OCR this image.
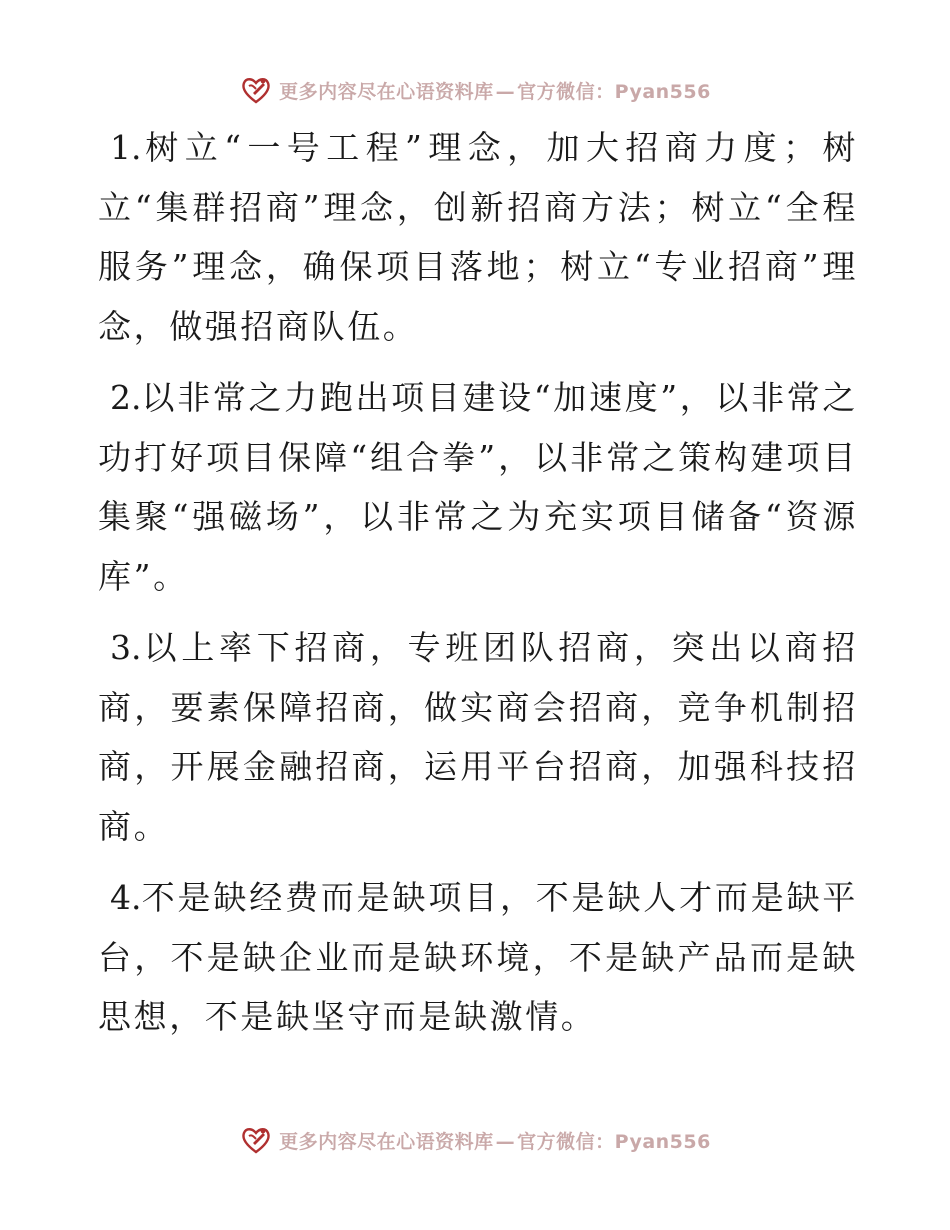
更多内容尽在心语资料库 — 官方微信：Pyan556

1.树立“一号工程”理念，加大招商力度；树立“集群招商”理念，创新招商方法；树立“全程服务”理念，确保项目落地；树立“专业招商”理念，做强招商队伍。

2.以非常之力跑出项目建设“加速度”，以非常之功打好项目保障“组合拳”，以非常之策构建项目集聚“强磁场”，以非常之为充实项目储备“资源库”。

3.以上率下招商，专班团队招商，突出以商招商，要素保障招商，做实商会招商，竞争机制招商，开展金融招商，运用平台招商，加强科技招商。

4.不是缺经费而是缺项目，不是缺人才而是缺平台，不是缺企业而是缺环境，不是缺产品而是缺思想，不是缺坚守而是缺激情。

更多内容尽在心语资料库 — 官方微信：Pyan556
